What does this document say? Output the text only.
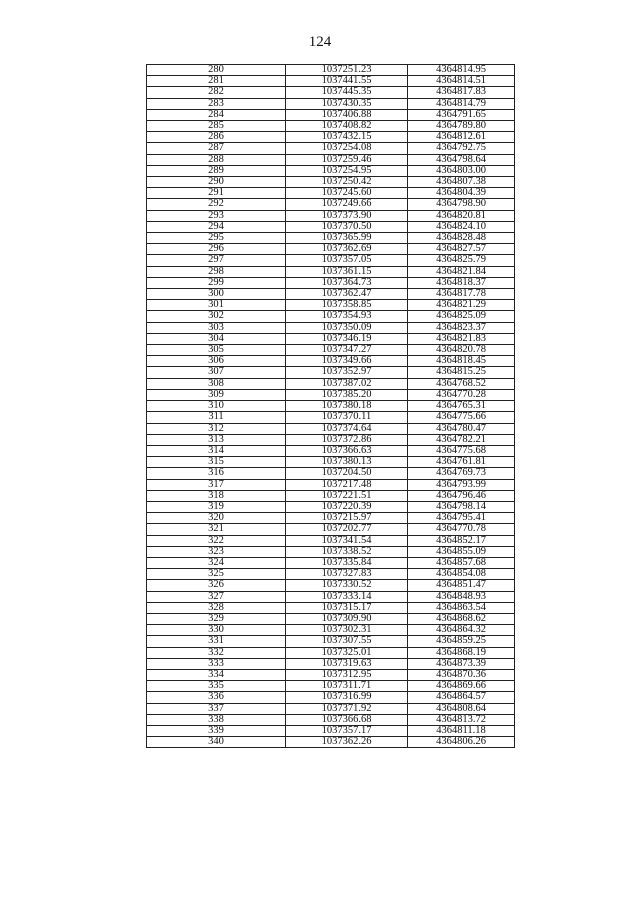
124
280	1037251.23	4364814.95
281	1037441.55	4364814.51
282	1037445.35	4364817.83
283	1037430.35	4364814.79
284	1037406.88	4364791.65
285	1037408.82	4364789.80
286	1037432.15	4364812.61
287	1037254.08	4364792.75
288	1037259.46	4364798.64
289	1037254.95	4364803.00
290	1037250.42	4364807.38
291	1037245.60	4364804.39
292	1037249.66	4364798.90
293	1037373.90	4364820.81
294	1037370.50	4364824.10
295	1037365.99	4364828.48
296	1037362.69	4364827.57
297	1037357.05	4364825.79
298	1037361.15	4364821.84
299	1037364.73	4364818.37
300	1037362.47	4364817.78
301	1037358.85	4364821.29
302	1037354.93	4364825.09
303	1037350.09	4364823.37
304	1037346.19	4364821.83
305	1037347.27	4364820.78
306	1037349.66	4364818.45
307	1037352.97	4364815.25
308	1037387.02	4364768.52
309	1037385.20	4364770.28
310	1037380.18	4364765.31
311	1037370.11	4364775.66
312	1037374.64	4364780.47
313	1037372.86	4364782.21
314	1037366.63	4364775.68
315	1037380.13	4364761.81
316	1037204.50	4364769.73
317	1037217.48	4364793.99
318	1037221.51	4364796.46
319	1037220.39	4364798.14
320	1037215.97	4364795.41
321	1037202.77	4364770.78
322	1037341.54	4364852.17
323	1037338.52	4364855.09
324	1037335.84	4364857.68
325	1037327.83	4364854.08
326	1037330.52	4364851.47
327	1037333.14	4364848.93
328	1037315.17	4364863.54
329	1037309.90	4364868.62
330	1037302.31	4364864.32
331	1037307.55	4364859.25
332	1037325.01	4364868.19
333	1037319.63	4364873.39
334	1037312.95	4364870.36
335	1037311.71	4364869.66
336	1037316.99	4364864.57
337	1037371.92	4364808.64
338	1037366.68	4364813.72
339	1037357.17	4364811.18
340	1037362.26	4364806.26
